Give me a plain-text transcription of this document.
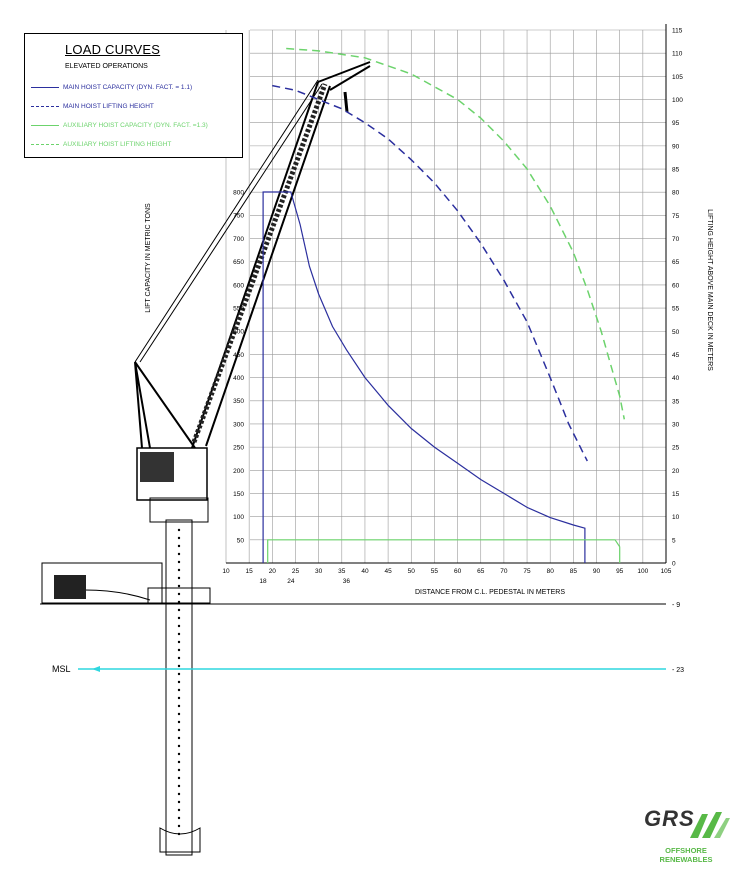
10 15 20 25 30 35 40 45 50 55 60 65 70 75 80 85 90 95 100 105
0
5
10
15
20
25
30
35
40
45
50
55
60
65
70
75
80
85
90
95
100
105
110
115
50
100
150
200
250
300
350
400
450
500
550
600
650
700
750
800
18	24	36
DISTANCE FROM C.L. PEDESTAL IN METERS
LIFT CAPACITY IN METRIC TONS	LIFTING HEIGHT ABOVE MAIN DECK IN METERS
- 9
MSL	- 23
LOAD CURVES
ELEVATED OPERATIONS
MAIN HOIST CAPACITY (DYN. FACT. = 1.1)
MAIN HOIST LIFTING HEIGHT
AUXILIARY HOIST CAPACITY (DYN. FACT. =1.3)
AUXILIARY HOIST LIFTING HEIGHT
GRS
OFFSHORE
RENEWABLES
